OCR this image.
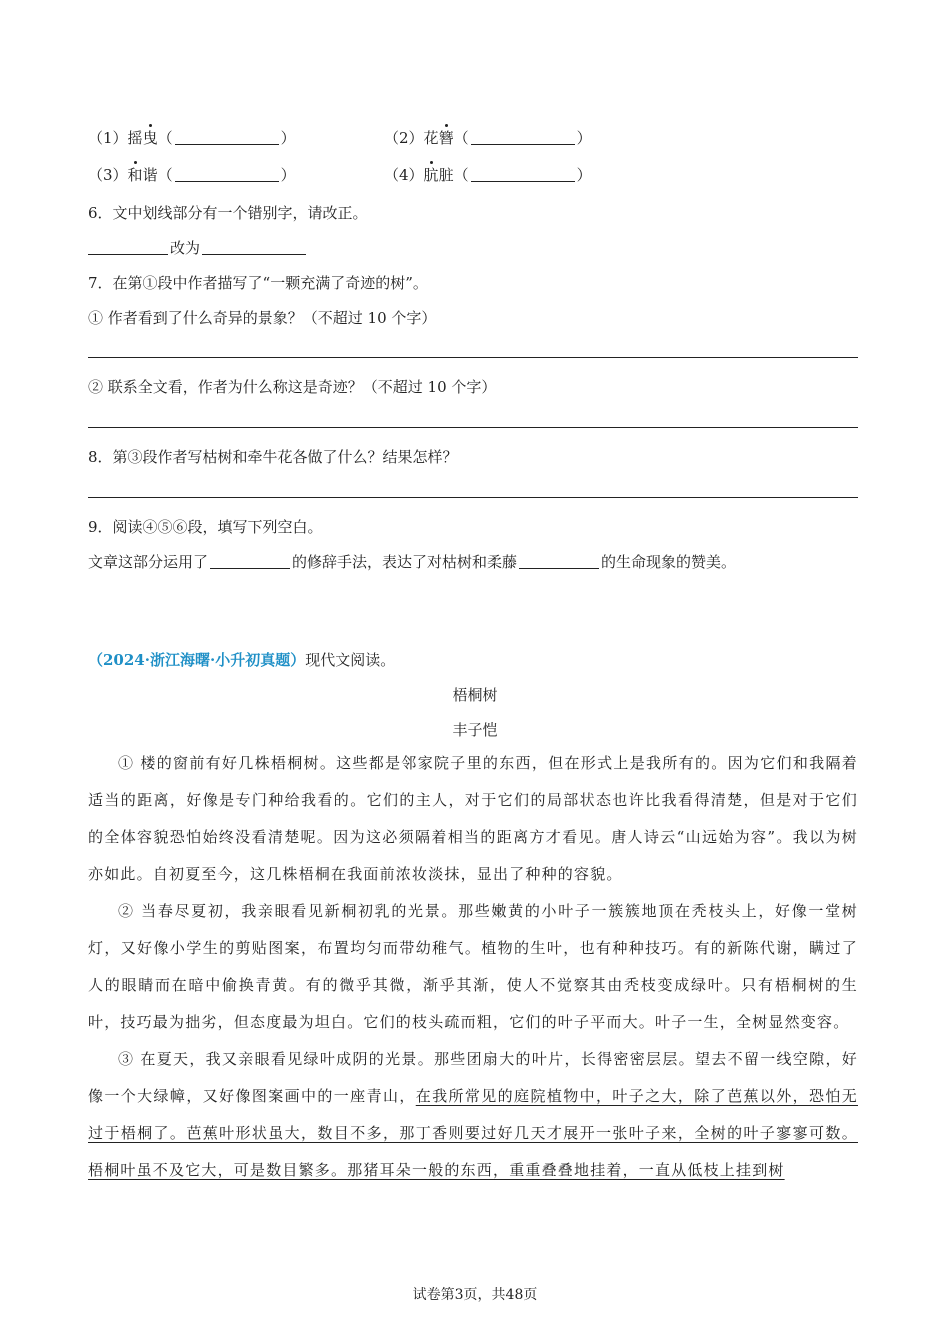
（1）摇曳（	）	（2）花簪（	）
（3）和谐（	）	（4）肮脏（	）
6．文中划线部分有一个错别字，请改正。
改为
7．在第①段中作者描写了“一颗充满了奇迹的树”。
① 作者看到了什么奇异的景象？（不超过 10 个字）
② 联系全文看，作者为什么称这是奇迹？（不超过 10 个字）
8．第③段作者写枯树和牵牛花各做了什么？结果怎样？
9．阅读④⑤⑥段，填写下列空白。
文章这部分运用了	的修辞手法，表达了对枯树和柔藤	的生命现象的赞美。
（2024·浙江海曙·小升初真题）现代文阅读。
梧桐树
丰子恺

① 楼的窗前有好几株梧桐树。这些都是邻家院子里的东西，但在形式上是我所有的。因为它们和我隔着适当的距离，好像是专门种给我看的。它们的主人，对于它们的局部状态也许比我看得清楚，但是对于它们的全体容貌恐怕始终没看清楚呢。因为这必须隔着相当的距离方才看见。唐人诗云“山远始为容”。我以为树亦如此。自初夏至今，这几株梧桐在我面前浓妆淡抹，显出了种种的容貌。

② 当春尽夏初，我亲眼看见新桐初乳的光景。那些嫩黄的小叶子一簇簇地顶在秃枝头上，好像一堂树灯，又好像小学生的剪贴图案，布置均匀而带幼稚气。植物的生叶，也有种种技巧。有的新陈代谢，瞒过了人的眼睛而在暗中偷换青黄。有的微乎其微，渐乎其渐，使人不觉察其由秃枝变成绿叶。只有梧桐树的生叶，技巧最为拙劣，但态度最为坦白。它们的枝头疏而粗，它们的叶子平而大。叶子一生，全树显然变容。

③ 在夏天，我又亲眼看见绿叶成阴的光景。那些团扇大的叶片，长得密密层层。望去不留一线空隙，好像一个大绿幛，又好像图案画中的一座青山，在我所常见的庭院植物中，叶子之大，除了芭蕉以外，恐怕无过于梧桐了。芭蕉叶形状虽大，数目不多，那丁香则要过好几天才展开一张叶子来，全树的叶子寥寥可数。梧桐叶虽不及它大，可是数目繁多。那猪耳朵一般的东西，重重叠叠地挂着，一直从低枝上挂到树

试卷第3页，共48页
